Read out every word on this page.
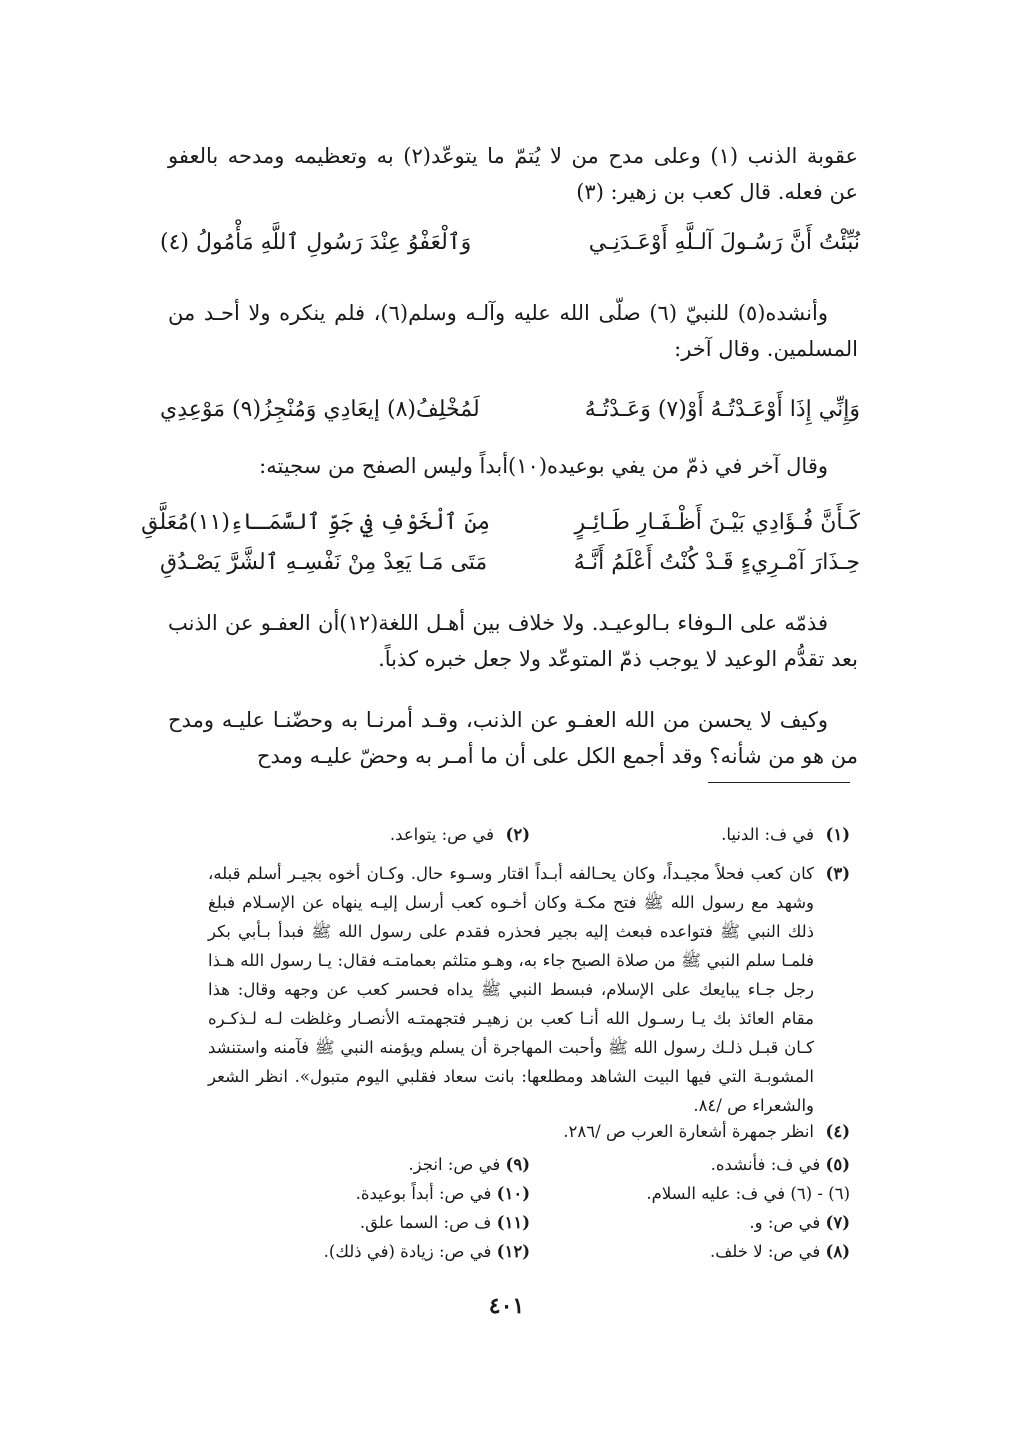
عقوبة الذنب (١) وعلى مدح من لا يُتمّ ما يتوعّد(٢) به وتعظيمه ومدحه بالعفو

عن فعله. قال كعب بن زهير: (٣)

نُبِّئْتُ أَنَّ رَسُـولَ آلـلَّهِ أَوْعَـدَنِـي
وَٱلْعَفْوُ عِنْدَ رَسُولِ ٱللَّهِ مَأْمُولُ (٤)

وأنشده(٥) للنبيّ (٦) صلّى الله عليه وآلـه وسلم(٦)، فلم ينكره ولا أحـد من المسلمين. وقال آخر:

وَإِنِّي إِذَا أَوْعَـدْتُـهُ أَوْ(٧) وَعَـدْتُـهُ
لَمُخْلِفُ(٨) إيعَادِي وَمُنْجِزُ(٩) مَوْعِدِي

وقال آخر في ذمّ من يفي بوعيده(١٠)أبداً وليس الصفح من سجيته:

كَـأَنَّ فُـؤَادِي بَيْـنَ أَظْـفَـارِ طَـائِـرٍ
مِنَ ٱلْخَوْفِ فِي جَوِّ ٱلسَّمَـاءِ(١١)مُعَلَّقِ
حِـذَارَ آمْـرِيءٍ قَـدْ كُنْتُ أَعْلَمُ أَنَّـهُ
مَتَى مَـا يَعِدْ مِنْ نَفْسِـهِ ٱلشَّرَّ يَصْـدُقِ

فذمّه على الـوفاء بـالوعيـد. ولا خلاف بين أهـل اللغة(١٢)أن العفـو عن الذنب بعد تقدُّم الوعيد لا يوجب ذمّ المتوعّد ولا جعل خبره كذباً.

وكيف لا يحسن من الله العفـو عن الذنب، وقـد أمرنـا به وحضّنـا عليـه ومدح من هو من شأنه؟ وقد أجمع الكل على أن ما أمـر به وحضّ عليـه ومدح

(١)
في ف: الدنيا.
(٢)
في ص: يتواعد.
(٣)
كان كعب فحلاً مجيـداً، وكان يحـالفه أبـداً اقتار وسـوء حال. وكـان أخوه بجيـر أسلم قبله، وشهد مع رسول الله ﷺ فتح مكـة وكان أخـوه كعب أرسل إليـه ينهاه عن الإسـلام فبلغ ذلك النبي ﷺ فتواعده فبعث إليه بجير فحذره فقدم على رسول الله ﷺ فبدأ بـأبي بكر فلمـا سلم النبي ﷺ من صلاة الصبح جاء به، وهـو متلثم بعمامتـه فقال: يـا رسول الله هـذا رجل جـاء يبايعك على الإسلام، فبسط النبي ﷺ يداه فحسر كعب عن وجهه وقال: هذا مقام العائذ بك يـا رسـول الله أنـا كعب بن زهيـر فتجهمتـه الأنصـار وغلظت لـه لـذكـره كـان قبـل ذلـك رسول الله ﷺ وأحبت المهاجرة أن يسلم ويؤمنه النبي ﷺ فآمنه واستنشد المشوبـة التي فيها البيت الشاهد ومطلعها: بانت سعاد فقلبي اليوم متبول». انظر الشعر والشعراء ص /٨٤.
(٤)
انظر جمهرة أشعارة العرب ص /٢٨٦.
(٥) في ف: فأنشده.
(٩) في ص: انجز.
(٦) - (٦) في ف: عليه السلام.
(١٠) في ص: أبداً بوعيدة.
(٧) في ص: و.
(١١) ف ص: السما علق.
(٨) في ص: لا خلف.
(١٢) في ص: زيادة (في ذلك).
٤٠١
